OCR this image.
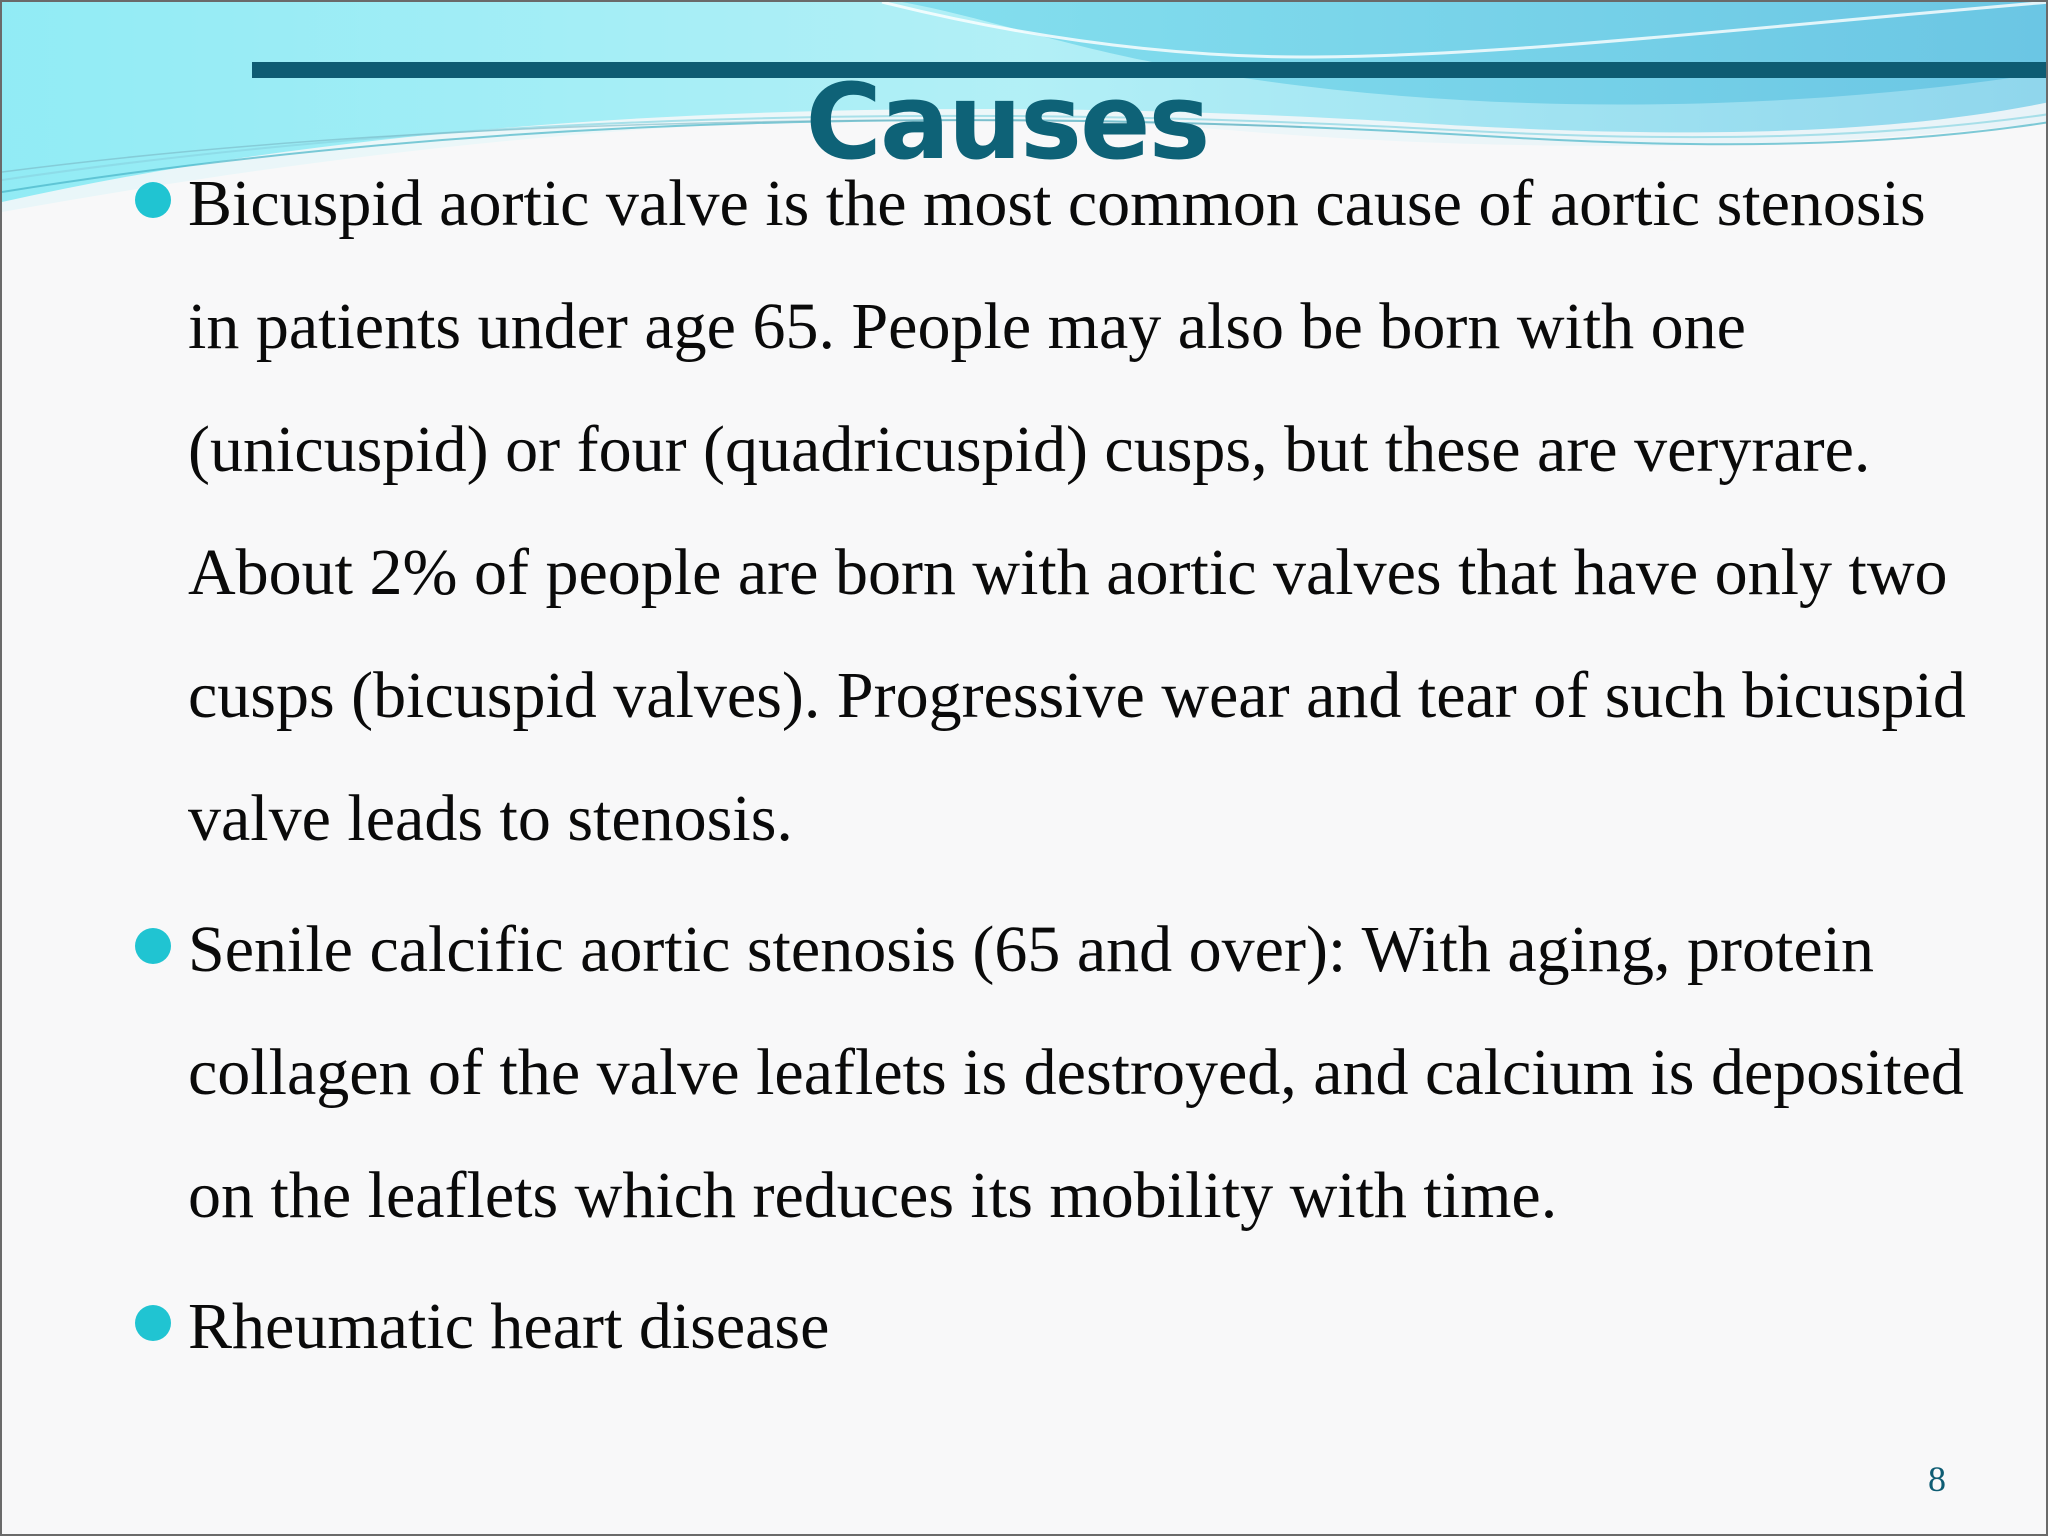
Causes
Bicuspid aortic valve is the most common cause of aortic stenosis in patients under age 65. People may also be born with one (unicuspid) or four (quadricuspid) cusps, but these are veryrare. About 2% of people are born with aortic valves that have only two cusps (bicuspid valves). Progressive wear and tear of such bicuspid valve leads to stenosis.
Senile calcific aortic stenosis (65 and over): With aging, protein collagen of the valve leaflets is destroyed, and calcium is deposited on the leaflets which reduces its mobility with time.
Rheumatic heart disease
8
